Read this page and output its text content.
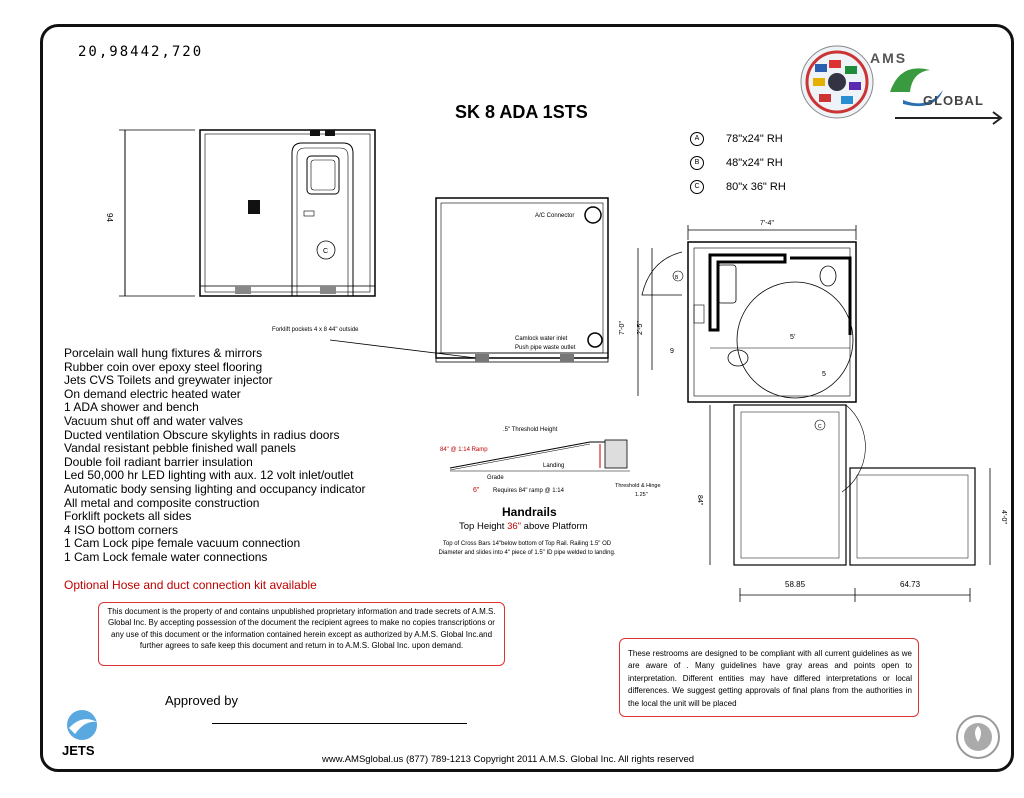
20,98442,720	AMS
GLOBAL
SK 8 ADA 1STS
A	78"x24" RH
B	48"x24" RH
C	80"x 36" RH
94
C
A/C Connector
Camlock water inlet
Push pipe waste outlet
Forklift pockets 4 x 8 44" outside
7'-4"
5'
B
9
5
7'-0" 2'-5"
C
84"
4'-0"
58.85	64.73
.5" Threshold Height
84" @ 1:14 Ramp
Landing
Grade
6" Requires 84" ramp @ 1:14
Threshold & Hinge
1.25"
Handrails
Top Height 36" above Platform
Top of Cross Bars 14"below bottom of Top Rail. Railing 1.5" OD Diameter and slides into 4" piece of 1.5" ID pipe welded to landing.
Porcelain wall hung fixtures & mirrors
Rubber coin over epoxy steel flooring
Jets CVS Toilets and greywater injector
On demand electric heated water
1 ADA shower and bench
Vacuum shut off and water valves
Ducted ventilation Obscure skylights in radius doors
Vandal resistant pebble finished wall panels
Double foil radiant barrier insulation
Led 50,000 hr LED lighting with aux. 12 volt inlet/outlet
Automatic body sensing lighting and occupancy indicator
All metal and composite construction
Forklift pockets all sides
4 ISO bottom corners
1 Cam Lock pipe female vacuum connection
1 Cam Lock female water connections
Optional Hose and duct connection kit available
This document is the property of and contains unpublished proprietary information and trade secrets of A.M.S. Global Inc. By accepting possession of the document the recipient agrees to make no copies transcriptions or any use of this document or the information contained herein except as authorized by A.M.S. Global Inc.and further agrees to safe keep this document and return in to A.M.S. Global Inc. upon demand.
These restrooms are designed to be compliant with all current guidelines as we are aware of . Many guidelines have gray areas and points open to interpretation. Different entities may have differed interpretations or local differences. We suggest getting approvals of final plans from the authorities in the local the unit will be placed
Approved by
JETS
www.AMSglobal.us (877) 789-1213 Copyright 2011 A.M.S. Global Inc. All rights reserved
